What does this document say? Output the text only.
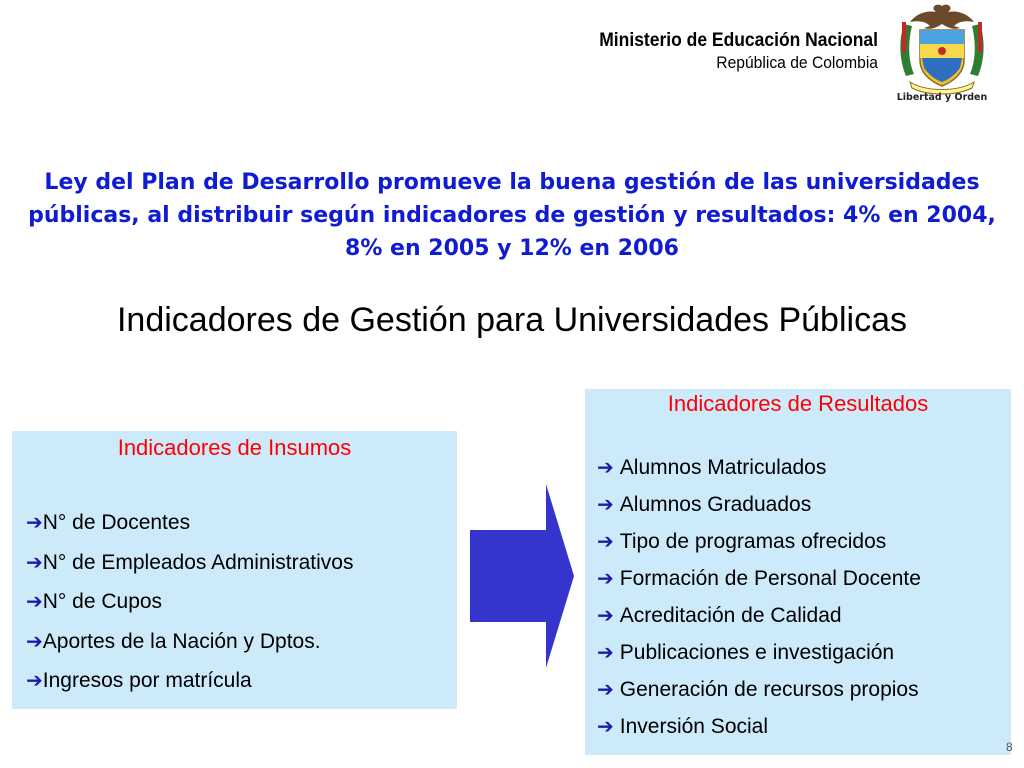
Ministerio de Educación Nacional
República de Colombia
Libertad y Orden
Ley del Plan de Desarrollo promueve la buena gestión de las universidades públicas, al distribuir según indicadores de gestión y resultados: 4% en 2004, 8% en 2005 y 12% en 2006
Indicadores de Gestión para Universidades Públicas
Indicadores de Insumos
➔N° de Docentes
➔N° de Empleados Administrativos
➔N° de Cupos
➔Aportes de la Nación y Dptos.
➔Ingresos por matrícula
Indicadores de Resultados
➔ Alumnos Matriculados
➔ Alumnos Graduados
➔ Tipo de programas ofrecidos
➔ Formación de Personal Docente
➔ Acreditación de Calidad
➔ Publicaciones e investigación
➔ Generación de recursos propios
➔ Inversión Social
8
